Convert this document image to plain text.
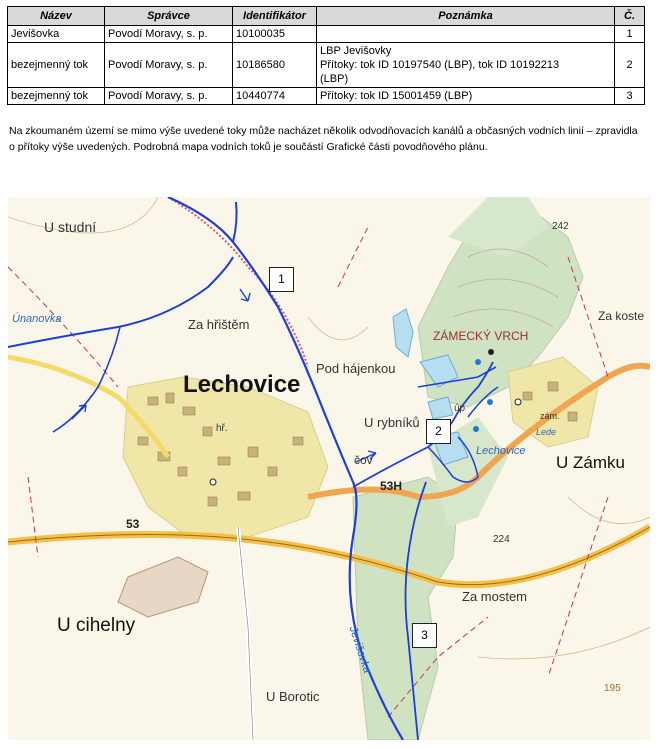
Název	Správce	Identifikátor	Poznámka	Č.
Jevišovka	Povodí Moravy, s. p.	10100035		1
bezejmenný tok	Povodí Moravy, s. p.	10186580	LBP Jevišovky
Přítoky: tok ID 10197540 (LBP), tok ID 10192213
(LBP)	2
bezejmenný tok	Povodí Moravy, s. p.	10440774	Přítoky: tok ID 15001459 (LBP)	3
Na zkoumaném území se mimo výše uvedené toky může nacházet několik odvodňovacích kanálů a občasných vodních linií – zpravidla
o přítoky výše uvedených. Podrobná mapa vodních toků je součástí Grafické části povodňového plánu.
U studní
Únanovka	Za hřištěm
Lechovice
Pod hájenkou
ZÁMECKÝ VRCH
Za koste
U rybníků
čov
53H
Lechovice
U Zámku
53
Za mostem
U cihelny	Jevišovka
U Borotic
242
224
195
hř.
úp
zám.
Lede
1
2
3
